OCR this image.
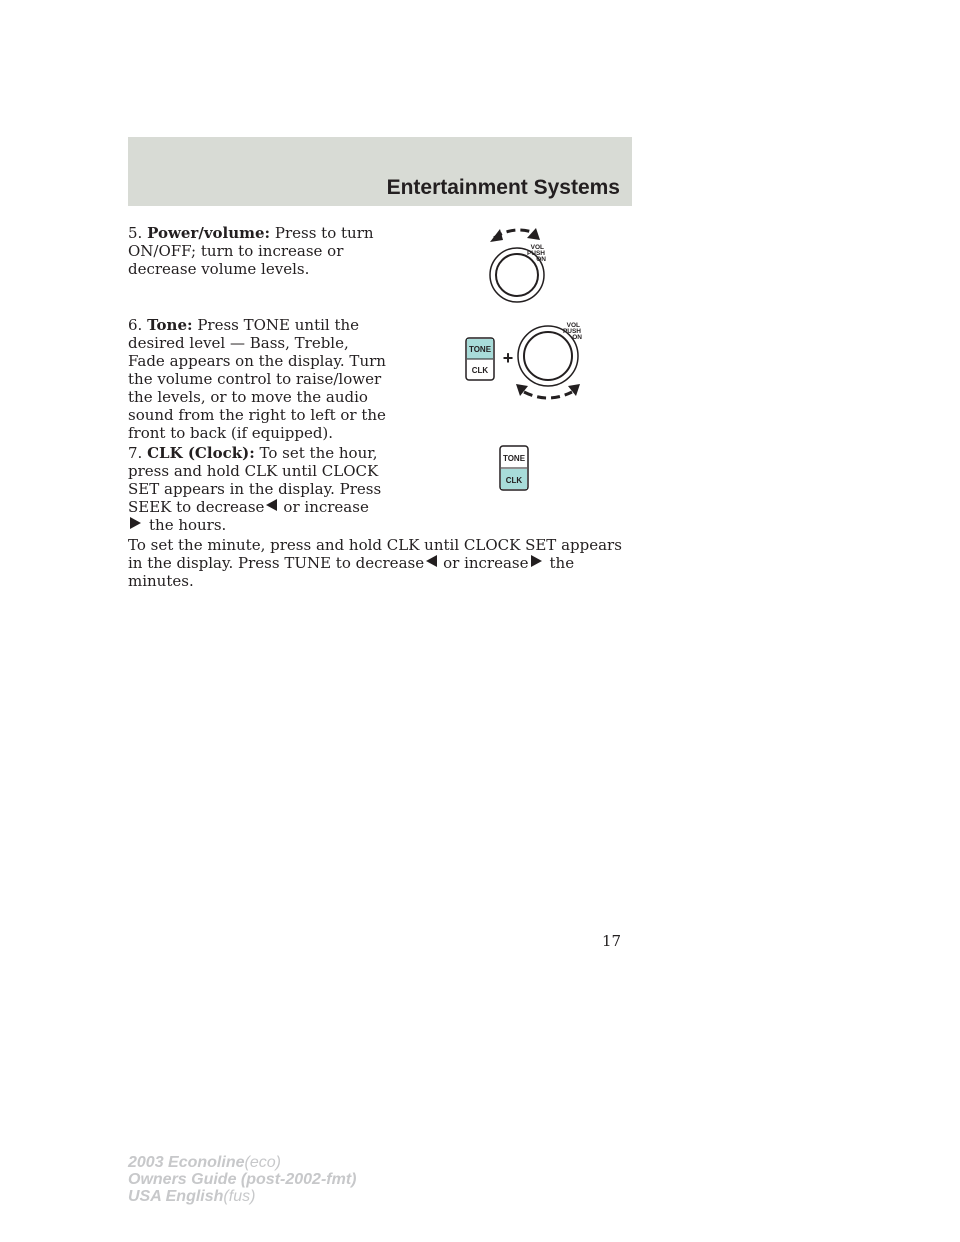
Entertainment Systems
5. Power/volume: Press to turn ON/OFF; turn to increase or decrease volume levels.
6. Tone: Press TONE until the desired level — Bass, Treble, Fade appears on the display. Turn the volume control to raise/lower the levels, or to move the audio sound from the right to left or the front to back (if equipped).
7. CLK (Clock): To set the hour, press and hold CLK until CLOCK SET appears in the display. Press SEEK to decrease or increase the hours.
To set the minute, press and hold CLK until CLOCK SET appears in the display. Press TUNE to decrease or increase the minutes.
VOL
PUSH
ON
TONE
CLK
+
VOL
PUSH
ON
TONE
CLK
17
2003 Econoline(eco)
Owners Guide (post-2002-fmt)
USA English(fus)
